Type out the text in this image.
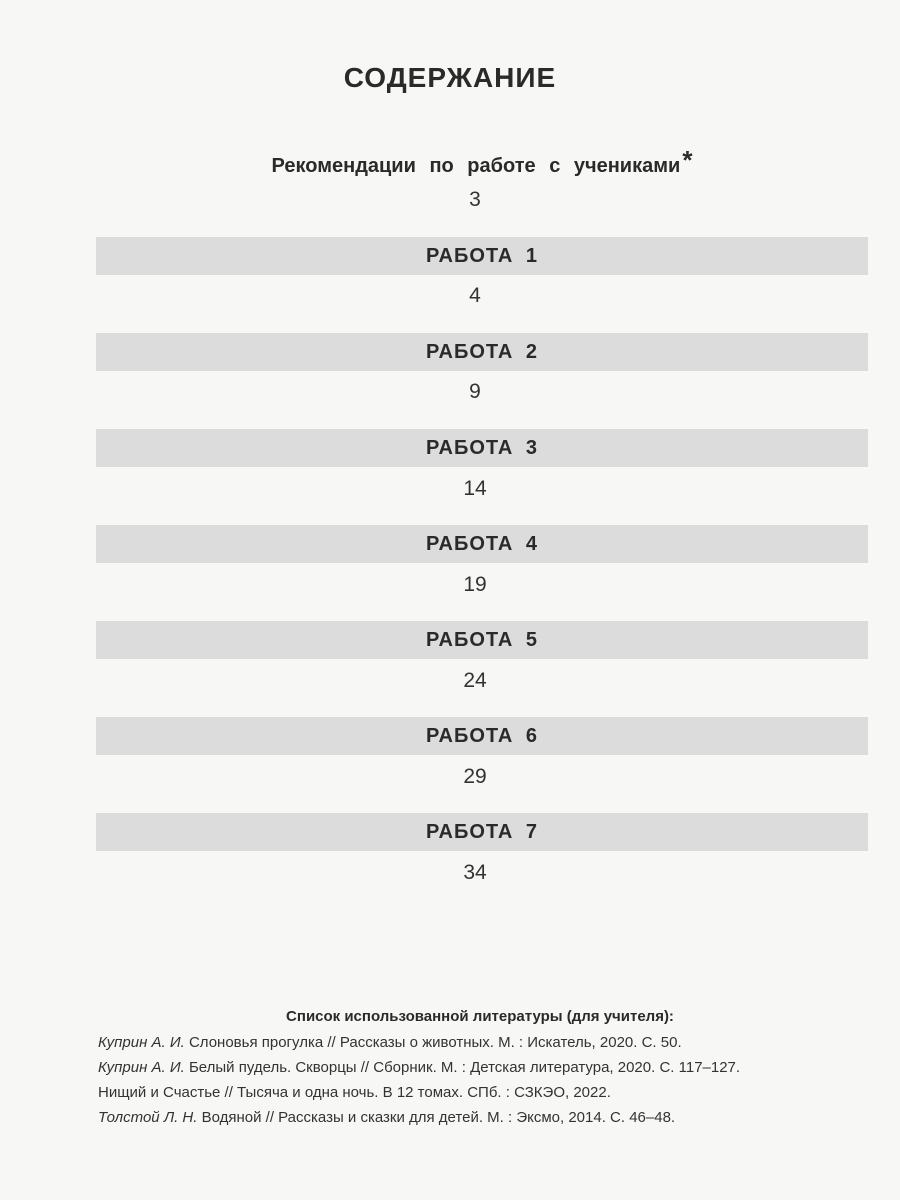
СОДЕРЖАНИЕ
Рекомендации по работе с учениками *
3
РАБОТА 1
4
РАБОТА 2
9
РАБОТА 3
14
РАБОТА 4
19
РАБОТА 5
24
РАБОТА 6
29
РАБОТА 7
34
Список использованной литературы (для учителя):
Куприн А. И. Слоновья прогулка // Рассказы о животных. М. : Искатель, 2020. С. 50.
Куприн А. И. Белый пудель. Скворцы // Сборник. М. : Детская литература, 2020. С. 117–127.
Нищий и Счастье // Тысяча и одна ночь. В 12 томах. СПб. : СЗКЭО, 2022.
Толстой Л. Н. Водяной // Рассказы и сказки для детей. М. : Эксмо, 2014. С. 46–48.
